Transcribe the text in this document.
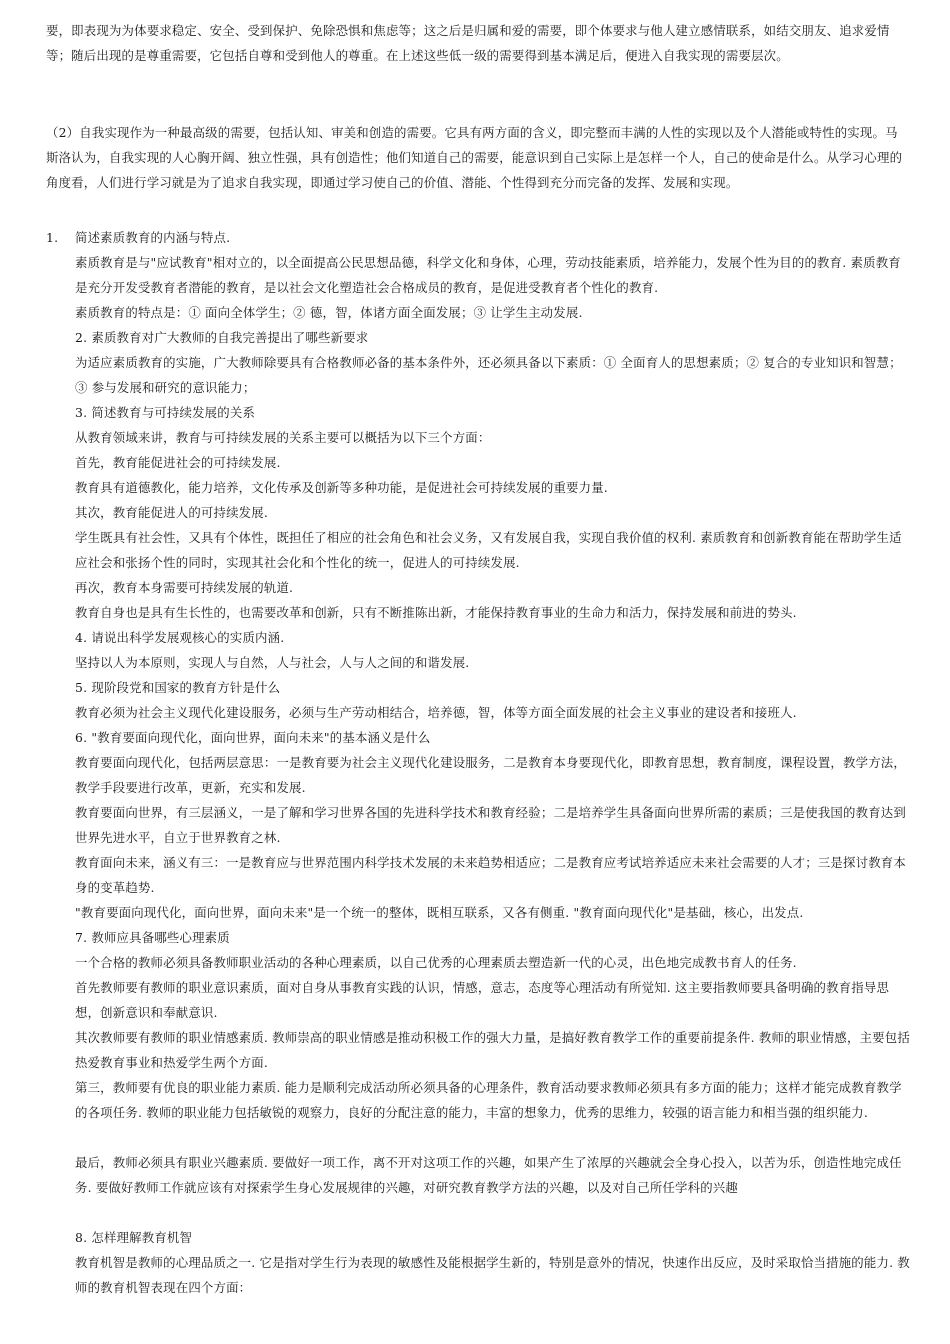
要，即表现为为体要求稳定、安全、受到保护、免除恐惧和焦虑等；这之后是归属和爱的需要，即个体要求与他人建立感情联系，如结交朋友、追求爱情等；随后出现的是尊重需要，它包括自尊和受到他人的尊重。在上述这些低一级的需要得到基本满足后，便进入自我实现的需要层次。

（2）自我实现作为一种最高级的需要，包括认知、审美和创造的需要。它具有两方面的含义，即完整而丰满的人性的实现以及个人潜能或特性的实现。马斯洛认为，自我实现的人心胸开阔、独立性强，具有创造性；他们知道自己的需要，能意识到自己实际上是怎样一个人，自己的使命是什么。从学习心理的角度看，人们进行学习就是为了追求自我实现，即通过学习使自己的价值、潜能、个性得到充分而完备的发挥、发展和实现。

1. 简述素质教育的内涵与特点.

素质教育是与"应试教育"相对立的，以全面提高公民思想品德，科学文化和身体，心理，劳动技能素质，培养能力，发展个性为目的的教育. 素质教育是充分开发受教育者潜能的教育，是以社会文化塑造社会合格成员的教育，是促进受教育者个性化的教育.

素质教育的特点是：① 面向全体学生；② 德，智，体诸方面全面发展；③ 让学生主动发展.

2. 素质教育对广大教师的自我完善提出了哪些新要求

为适应素质教育的实施，广大教师除要具有合格教师必备的基本条件外，还必须具备以下素质：① 全面育人的思想素质；② 复合的专业知识和智慧；③ 参与发展和研究的意识能力；

3. 简述教育与可持续发展的关系

从教育领域来讲，教育与可持续发展的关系主要可以概括为以下三个方面：

首先，教育能促进社会的可持续发展.

教育具有道德教化，能力培养，文化传承及创新等多种功能，是促进社会可持续发展的重要力量.

其次，教育能促进人的可持续发展.

学生既具有社会性，又具有个体性，既担任了相应的社会角色和社会义务，又有发展自我，实现自我价值的权利. 素质教育和创新教育能在帮助学生适应社会和张扬个性的同时，实现其社会化和个性化的统一，促进人的可持续发展.

再次，教育本身需要可持续发展的轨道.

教育自身也是具有生长性的，也需要改革和创新，只有不断推陈出新，才能保持教育事业的生命力和活力，保持发展和前进的势头.

4. 请说出科学发展观核心的实质内涵.

坚持以人为本原则，实现人与自然，人与社会，人与人之间的和谐发展.

5. 现阶段党和国家的教育方针是什么

教育必须为社会主义现代化建设服务，必须与生产劳动相结合，培养德，智，体等方面全面发展的社会主义事业的建设者和接班人.

6. "教育要面向现代化，面向世界，面向未来"的基本涵义是什么

教育要面向现代化，包括两层意思：一是教育要为社会主义现代化建设服务，二是教育本身要现代化，即教育思想，教育制度，课程设置，教学方法，教学手段要进行改革，更新，充实和发展.

教育要面向世界，有三层涵义，一是了解和学习世界各国的先进科学技术和教育经验；二是培养学生具备面向世界所需的素质；三是使我国的教育达到世界先进水平，自立于世界教育之林.

教育面向未来，涵义有三：一是教育应与世界范围内科学技术发展的未来趋势相适应；二是教育应考试培养适应未来社会需要的人才；三是探讨教育本身的变革趋势.

"教育要面向现代化，面向世界，面向未来"是一个统一的整体，既相互联系，又各有侧重. "教育面向现代化"是基础，核心，出发点.

7. 教师应具备哪些心理素质

一个合格的教师必须具备教师职业活动的各种心理素质，以自己优秀的心理素质去塑造新一代的心灵，出色地完成教书育人的任务.

首先教师要有教师的职业意识素质，面对自身从事教育实践的认识，情感，意志，态度等心理活动有所觉知. 这主要指教师要具备明确的教育指导思想，创新意识和奉献意识.

其次教师要有教师的职业情感素质. 教师崇高的职业情感是推动积极工作的强大力量，是搞好教育教学工作的重要前提条件. 教师的职业情感，主要包括热爱教育事业和热爱学生两个方面.

第三，教师要有优良的职业能力素质. 能力是顺利完成活动所必须具备的心理条件，教育活动要求教师必须具有多方面的能力；这样才能完成教育教学的各项任务. 教师的职业能力包括敏锐的观察力，良好的分配注意的能力，丰富的想象力，优秀的思维力，较强的语言能力和相当强的组织能力.

最后，教师必须具有职业兴趣素质. 要做好一项工作，离不开对这项工作的兴趣，如果产生了浓厚的兴趣就会全身心投入，以苦为乐，创造性地完成任务. 要做好教师工作就应该有对探索学生身心发展规律的兴趣，对研究教育教学方法的兴趣，以及对自己所任学科的兴趣

8. 怎样理解教育机智

教育机智是教师的心理品质之一. 它是指对学生行为表现的敏感性及能根据学生新的，特别是意外的情况，快速作出反应，及时采取恰当措施的能力. 教师的教育机智表现在四个方面：
